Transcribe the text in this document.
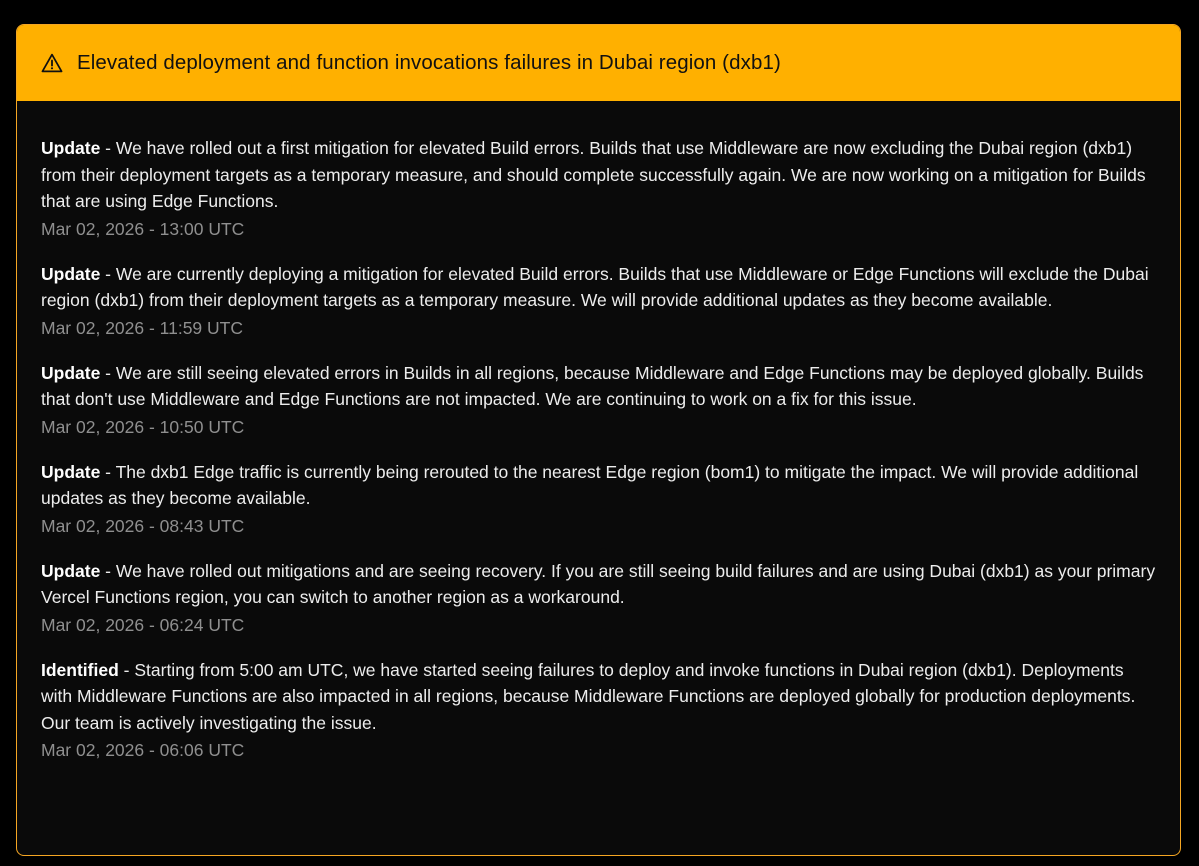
Elevated deployment and function invocations failures in Dubai region (dxb1)

Update - We have rolled out a first mitigation for elevated Build errors. Builds that use Middleware are now excluding the Dubai region (dxb1) from their deployment targets as a temporary measure, and should complete successfully again. We are now working on a mitigation for Builds that are using Edge Functions.

Mar 02, 2026 - 13:00 UTC

Update - We are currently deploying a mitigation for elevated Build errors. Builds that use Middleware or Edge Functions will exclude the Dubai region (dxb1) from their deployment targets as a temporary measure. We will provide additional updates as they become available.

Mar 02, 2026 - 11:59 UTC

Update - We are still seeing elevated errors in Builds in all regions, because Middleware and Edge Functions may be deployed globally. Builds that don't use Middleware and Edge Functions are not impacted. We are continuing to work on a fix for this issue.

Mar 02, 2026 - 10:50 UTC

Update - The dxb1 Edge traffic is currently being rerouted to the nearest Edge region (bom1) to mitigate the impact. We will provide additional updates as they become available.

Mar 02, 2026 - 08:43 UTC

Update - We have rolled out mitigations and are seeing recovery. If you are still seeing build failures and are using Dubai (dxb1) as your primary Vercel Functions region, you can switch to another region as a workaround.

Mar 02, 2026 - 06:24 UTC

Identified - Starting from 5:00 am UTC, we have started seeing failures to deploy and invoke functions in Dubai region (dxb1). Deployments with Middleware Functions are also impacted in all regions, because Middleware Functions are deployed globally for production deployments. Our team is actively investigating the issue.

Mar 02, 2026 - 06:06 UTC
